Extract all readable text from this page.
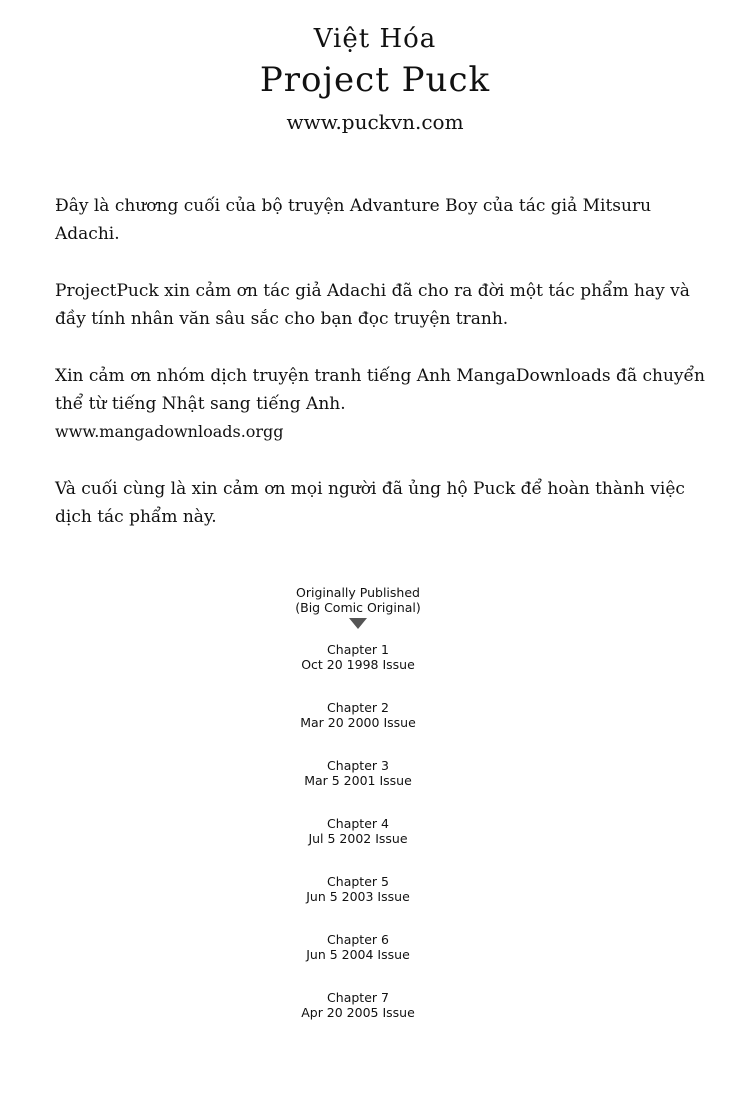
Việt Hóa
Project Puck
www.puckvn.com

Đây là chương cuối của bộ truyện Advanture Boy của tác giả Mitsuru Adachi.

ProjectPuck xin cảm ơn tác giả Adachi đã cho ra đời một tác phẩm hay và đầy tính nhân văn sâu sắc cho bạn đọc truyện tranh.

Xin cảm ơn nhóm dịch truyện tranh tiếng Anh MangaDownloads đã chuyển thể từ tiếng Nhật sang tiếng Anh.

www.mangadownloads.orgg

Và cuối cùng là xin cảm ơn mọi người đã ủng hộ Puck để hoàn thành việc dịch tác phẩm này.

Originally Published
(Big Comic Original)
Chapter 1
Oct 20 1998 Issue
Chapter 2
Mar 20 2000 Issue
Chapter 3
Mar 5 2001 Issue
Chapter 4
Jul 5 2002 Issue
Chapter 5
Jun 5 2003 Issue
Chapter 6
Jun 5 2004 Issue
Chapter 7
Apr 20 2005 Issue
